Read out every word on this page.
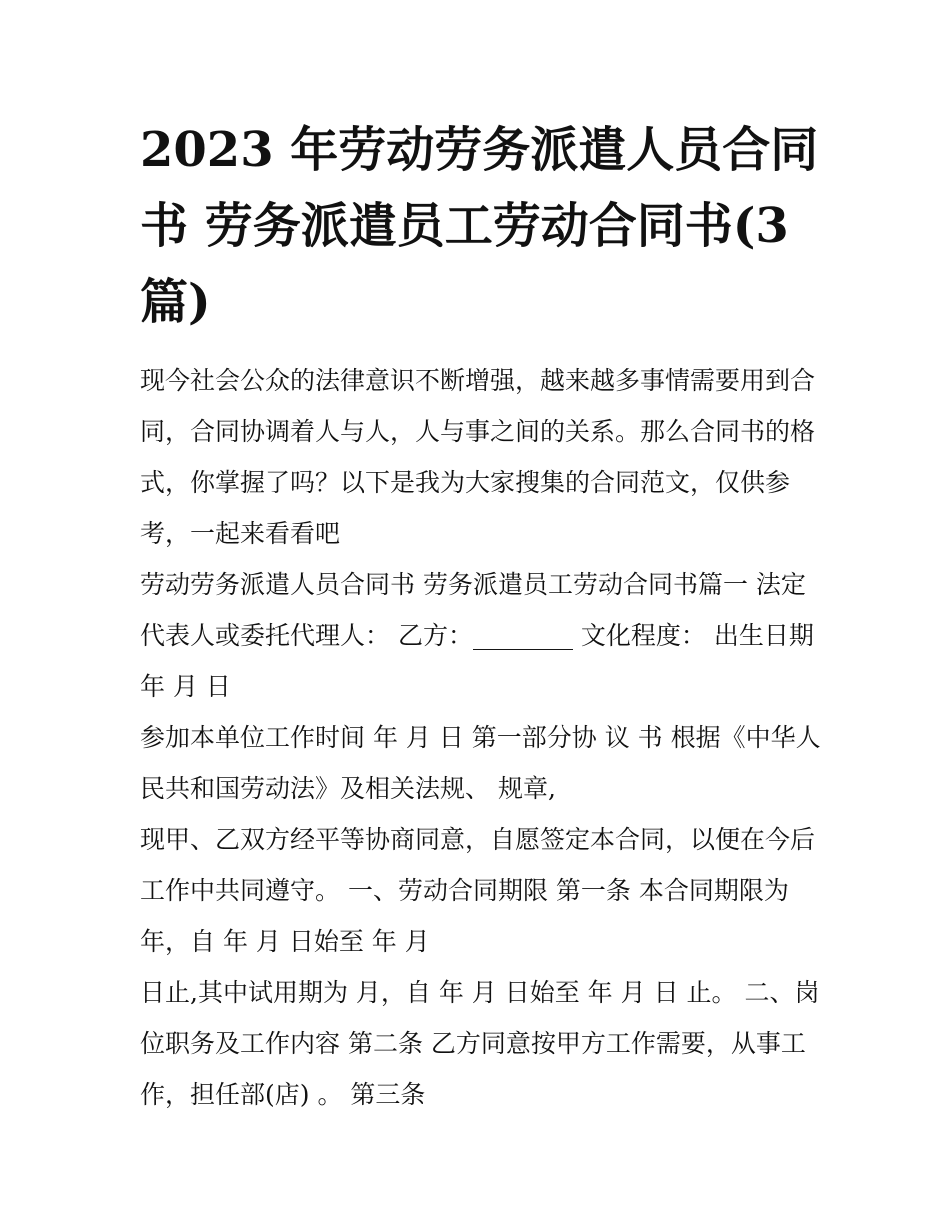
2023 年劳动劳务派遣人员合同
书 劳务派遣员工劳动合同书(3
篇)
现今社会公众的法律意识不断增强，越来越多事情需要用到合
同，合同协调着人与人，人与事之间的关系。那么合同书的格
式，你掌握了吗？以下是我为大家搜集的合同范文，仅供参
考，一起来看看吧
劳动劳务派遣人员合同书 劳务派遣员工劳动合同书篇一 法定
代表人或委托代理人： 乙方：________ 文化程度： 出生日期
年 月 日
参加本单位工作时间 年 月 日 第一部分协 议 书 根据《中华人
民共和国劳动法》及相关法规、 规章,
现甲、乙双方经平等协商同意，自愿签定本合同，以便在今后
工作中共同遵守。 一、劳动合同期限 第一条 本合同期限为
年，自 年 月 日始至 年 月
日止,其中试用期为 月，自 年 月 日始至 年 月 日 止。 二、岗
位职务及工作内容 第二条 乙方同意按甲方工作需要，从事工
作，担任部(店) 。 第三条
